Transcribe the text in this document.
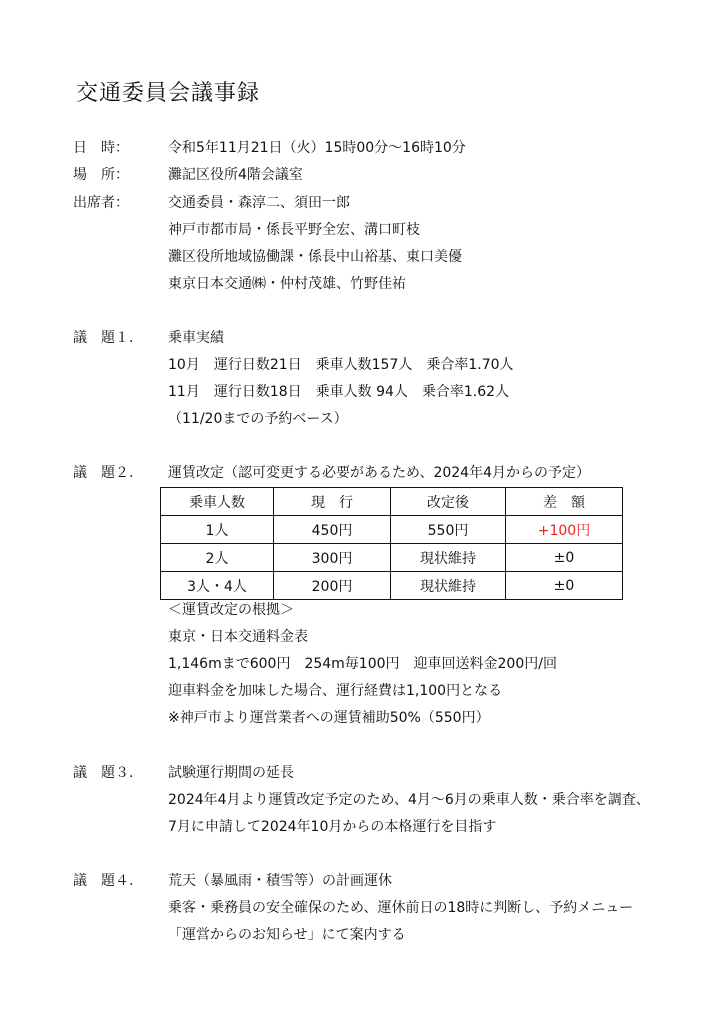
交通委員会議事録
日　時：	令和5年11月21日（火）15時00分～16時10分
場　所：	灘記区役所4階会議室
出席者：	交通委員・森淳二、須田一郎
神戸市都市局・係長平野全宏、溝口町枝
灘区役所地域協働課・係長中山裕基、東口美優
東京日本交通㈱・仲村茂雄、竹野佳祐
議　題１. 乗車実績
10月　運行日数21日　乗車人数157人　乗合率1.70人
11月　運行日数18日　乗車人数 94人　乗合率1.62人
（11/20までの予約ベース）
議　題２. 運賃改定（認可変更する必要があるため、2024年4月からの予定）
乗車人数	現　行	改定後	差　額
1人	450円	550円	+100円
2人	300円	現状維持	±0
3人・4人	200円	現状維持	±0
＜運賃改定の根拠＞
東京・日本交通料金表
1,146mまで600円　254m毎100円　迎車回送料金200円/回
迎車料金を加味した場合、運行経費は1,100円となる
※神戸市より運営業者への運賃補助50%（550円）
議　題３. 試験運行期間の延長
2024年4月より運賃改定予定のため、4月～6月の乗車人数・乗合率を調査、
7月に申請して2024年10月からの本格運行を目指す
議　題４. 荒天（暴風雨・積雪等）の計画運休
乗客・乗務員の安全確保のため、運休前日の18時に判断し、予約メニュー
「運営からのお知らせ」にて案内する
